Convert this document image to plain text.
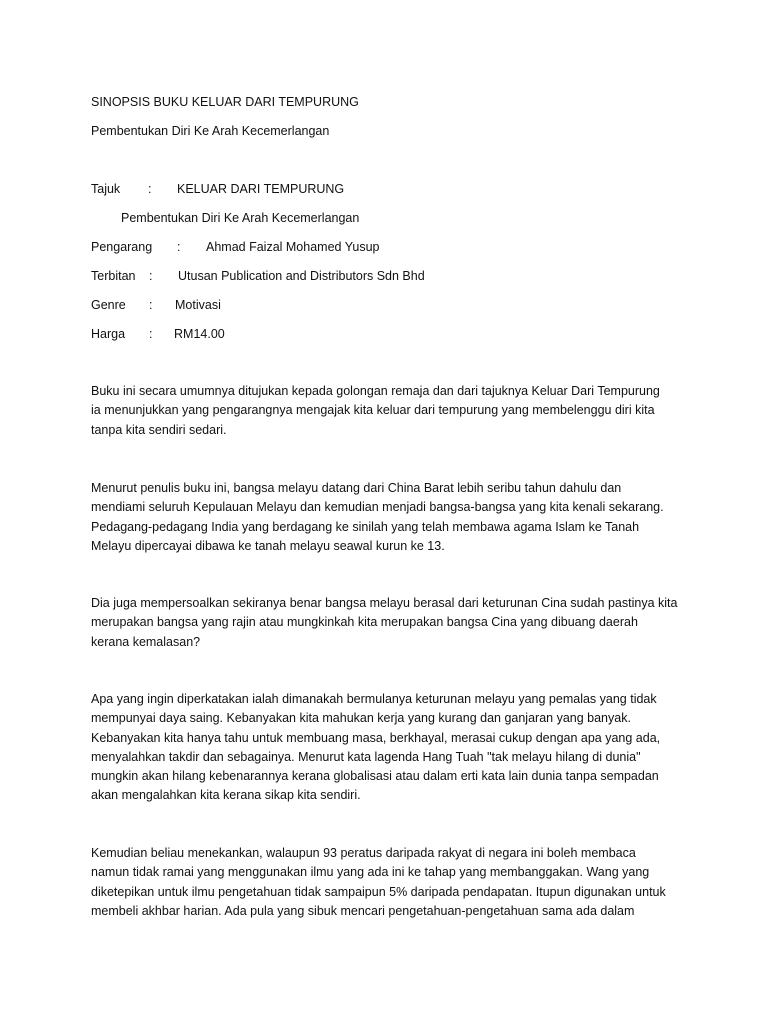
SINOPSIS BUKU KELUAR DARI TEMPURUNG
Pembentukan Diri Ke Arah Kecemerlangan
Tajuk : KELUAR DARI TEMPURUNG
Pembentukan Diri Ke Arah Kecemerlangan
Pengarang : Ahmad Faizal Mohamed Yusup
Terbitan : Utusan Publication and Distributors Sdn Bhd
Genre : Motivasi
Harga : RM14.00
Buku ini secara umumnya ditujukan kepada golongan remaja dan dari tajuknya Keluar Dari Tempurung
ia menunjukkan yang pengarangnya mengajak kita keluar dari tempurung yang membelenggu diri kita
tanpa kita sendiri sedari.
Menurut penulis buku ini, bangsa melayu datang dari China Barat lebih seribu tahun dahulu dan
mendiami seluruh Kepulauan Melayu dan kemudian menjadi bangsa-bangsa yang kita kenali sekarang.
Pedagang-pedagang India yang berdagang ke sinilah yang telah membawa agama Islam ke Tanah
Melayu dipercayai dibawa ke tanah melayu seawal kurun ke 13.
Dia juga mempersoalkan sekiranya benar bangsa melayu berasal dari keturunan Cina sudah pastinya kita
merupakan bangsa yang rajin atau mungkinkah kita merupakan bangsa Cina yang dibuang daerah
kerana kemalasan?
Apa yang ingin diperkatakan ialah dimanakah bermulanya keturunan melayu yang pemalas yang tidak
mempunyai daya saing. Kebanyakan kita mahukan kerja yang kurang dan ganjaran yang banyak.
Kebanyakan kita hanya tahu untuk membuang masa, berkhayal, merasai cukup dengan apa yang ada,
menyalahkan takdir dan sebagainya. Menurut kata lagenda Hang Tuah "tak melayu hilang di dunia"
mungkin akan hilang kebenarannya kerana globalisasi atau dalam erti kata lain dunia tanpa sempadan
akan mengalahkan kita kerana sikap kita sendiri.
Kemudian beliau menekankan, walaupun 93 peratus daripada rakyat di negara ini boleh membaca
namun tidak ramai yang menggunakan ilmu yang ada ini ke tahap yang membanggakan. Wang yang
diketepikan untuk ilmu pengetahuan tidak sampaipun 5% daripada pendapatan. Itupun digunakan untuk
membeli akhbar harian. Ada pula yang sibuk mencari pengetahuan-pengetahuan sama ada dalam
